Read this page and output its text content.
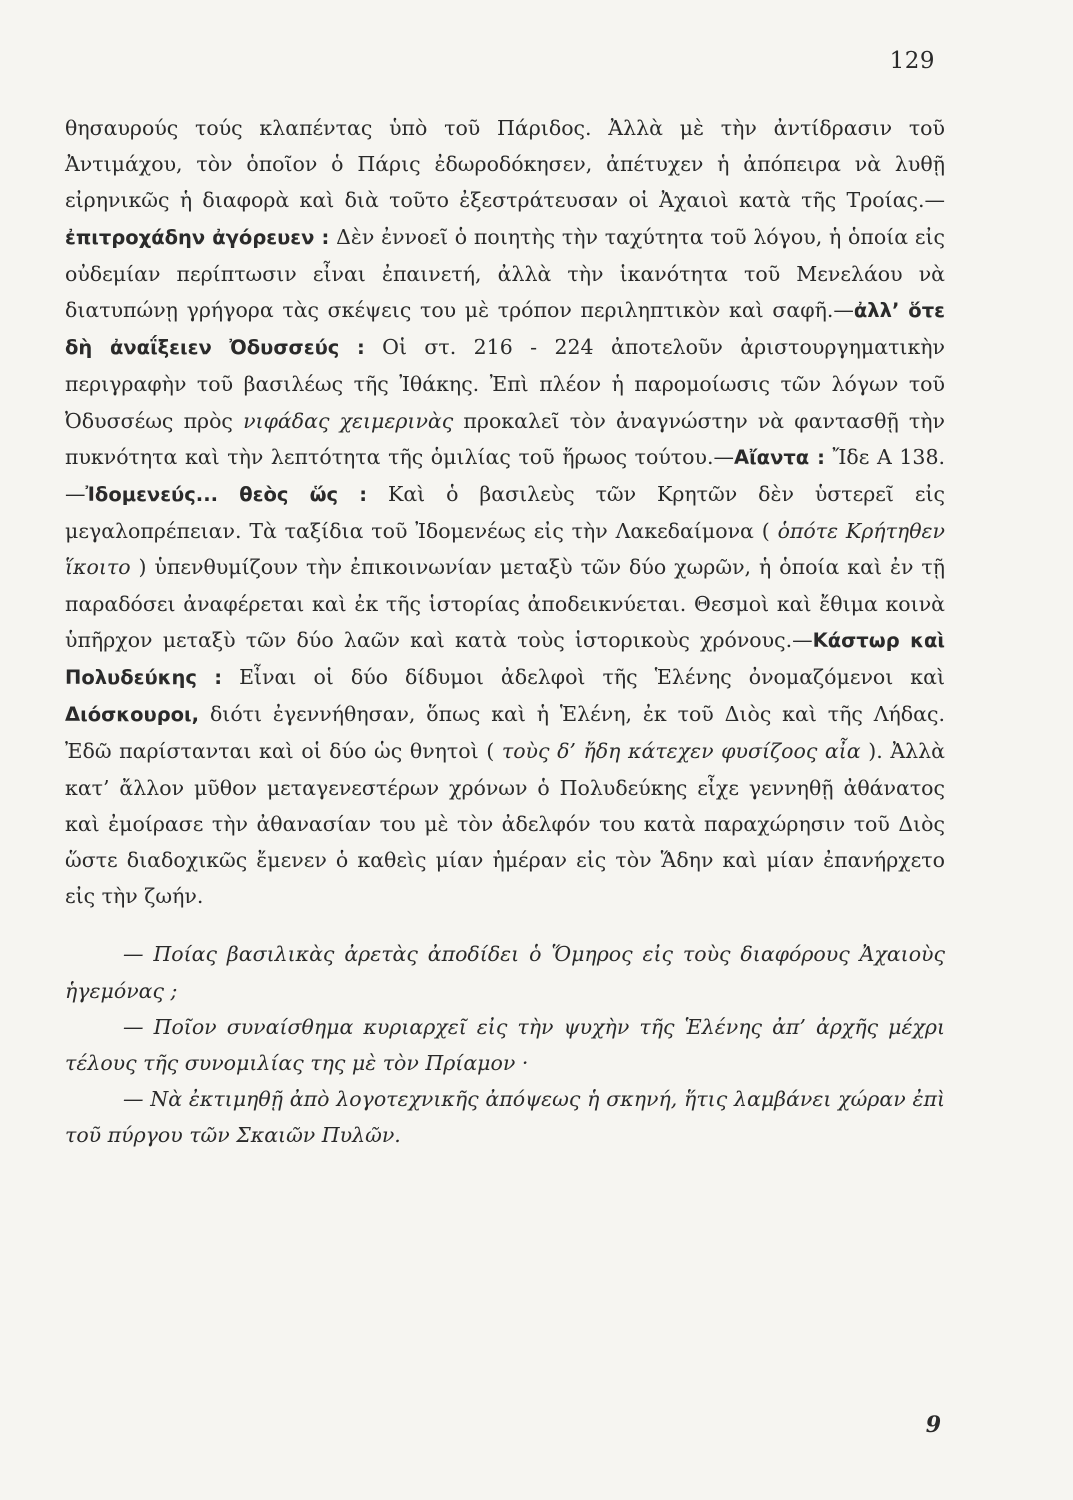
129

θησαυρούς τούς κλαπέντας ὑπὸ τοῦ Πάριδος. Ἀλλὰ μὲ τὴν ἀντίδρασιν τοῦ Ἀντιμάχου, τὸν ὁποῖον ὁ Πάρις ἐδωροδόκησεν, ἀπέτυχεν ἡ ἀπόπειρα νὰ λυθῇ εἰρηνικῶς ἡ διαφορὰ καὶ διὰ τοῦτο ἐξεστράτευσαν οἱ Ἀχαιοὶ κατὰ τῆς Τροίας.—ἐπιτροχάδην ἀγόρευεν : Δὲν ἐννοεῖ ὁ ποιητὴς τὴν ταχύτητα τοῦ λόγου, ἡ ὁποία εἰς οὐδεμίαν περίπτωσιν εἶναι ἐπαινετή, ἀλλὰ τὴν ἱκανότητα τοῦ Μενελάου νὰ διατυπώνῃ γρήγορα τὰς σκέψεις του μὲ τρόπον περιληπτικὸν καὶ σαφῆ.—ἀλλ’ ὅτε δὴ ἀναΐξειεν Ὀδυσσεύς : Οἱ στ. 216 - 224 ἀποτελοῦν ἀριστουργηματικὴν περιγραφὴν τοῦ βασιλέως τῆς Ἰθάκης. Ἐπὶ πλέον ἡ παρομοίωσις τῶν λόγων τοῦ Ὀδυσσέως πρὸς νιφάδας χειμερινὰς προκαλεῖ τὸν ἀναγνώστην νὰ φαντασθῇ τὴν πυκνότητα καὶ τὴν λεπτότητα τῆς ὁμιλίας τοῦ ἥρωος τούτου.—Αἴαντα : Ἴδε Α 138.—Ἰδομενεύς... θεὸς ὥς : Καὶ ὁ βασιλεὺς τῶν Κρητῶν δὲν ὑστερεῖ εἰς μεγαλοπρέπειαν. Τὰ ταξίδια τοῦ Ἰδομενέως εἰς τὴν Λακεδαίμονα ( ὁπότε Κρήτηθεν ἵκοιτο ) ὑπενθυμίζουν τὴν ἐπικοινωνίαν μεταξὺ τῶν δύο χωρῶν, ἡ ὁποία καὶ ἐν τῇ παραδόσει ἀναφέρεται καὶ ἐκ τῆς ἱστορίας ἀποδεικνύεται. Θεσμοὶ καὶ ἔθιμα κοινὰ ὑπῆρχον μεταξὺ τῶν δύο λαῶν καὶ κατὰ τοὺς ἱστορικοὺς χρόνους.—Κάστωρ καὶ Πολυδεύκης : Εἶναι οἱ δύο δίδυμοι ἀδελφοὶ τῆς Ἑλένης ὀνομαζόμενοι καὶ Διόσκουροι, διότι ἐγεννήθησαν, ὅπως καὶ ἡ Ἑλένη, ἐκ τοῦ Διὸς καὶ τῆς Λήδας. Ἐδῶ παρίστανται καὶ οἱ δύο ὡς θνητοὶ ( τοὺς δ’ ἤδη κάτεχεν φυσίζοος αἶα ). Ἀλλὰ κατ’ ἄλλον μῦθον μεταγενεστέρων χρόνων ὁ Πολυδεύκης εἶχε γεννηθῇ ἀθάνατος καὶ ἐμοίρασε τὴν ἀθανασίαν του μὲ τὸν ἀδελφόν του κατὰ παραχώρησιν τοῦ Διὸς ὥστε διαδοχικῶς ἔμενεν ὁ καθεὶς μίαν ἡμέραν εἰς τὸν Ἅδην καὶ μίαν ἐπανήρχετο εἰς τὴν ζωήν.

— Ποίας βασιλικὰς ἀρετὰς ἀποδίδει ὁ Ὅμηρος εἰς τοὺς διαφόρους Ἀχαιοὺς ἡγεμόνας ;

— Ποῖον συναίσθημα κυριαρχεῖ εἰς τὴν ψυχὴν τῆς Ἑλένης ἀπ’ ἀρχῆς μέχρι τέλους τῆς συνομιλίας της μὲ τὸν Πρίαμον ·

— Νὰ ἐκτιμηθῇ ἀπὸ λογοτεχνικῆς ἀπόψεως ἡ σκηνή, ἥτις λαμβάνει χώραν ἐπὶ τοῦ πύργου τῶν Σκαιῶν Πυλῶν.

9
